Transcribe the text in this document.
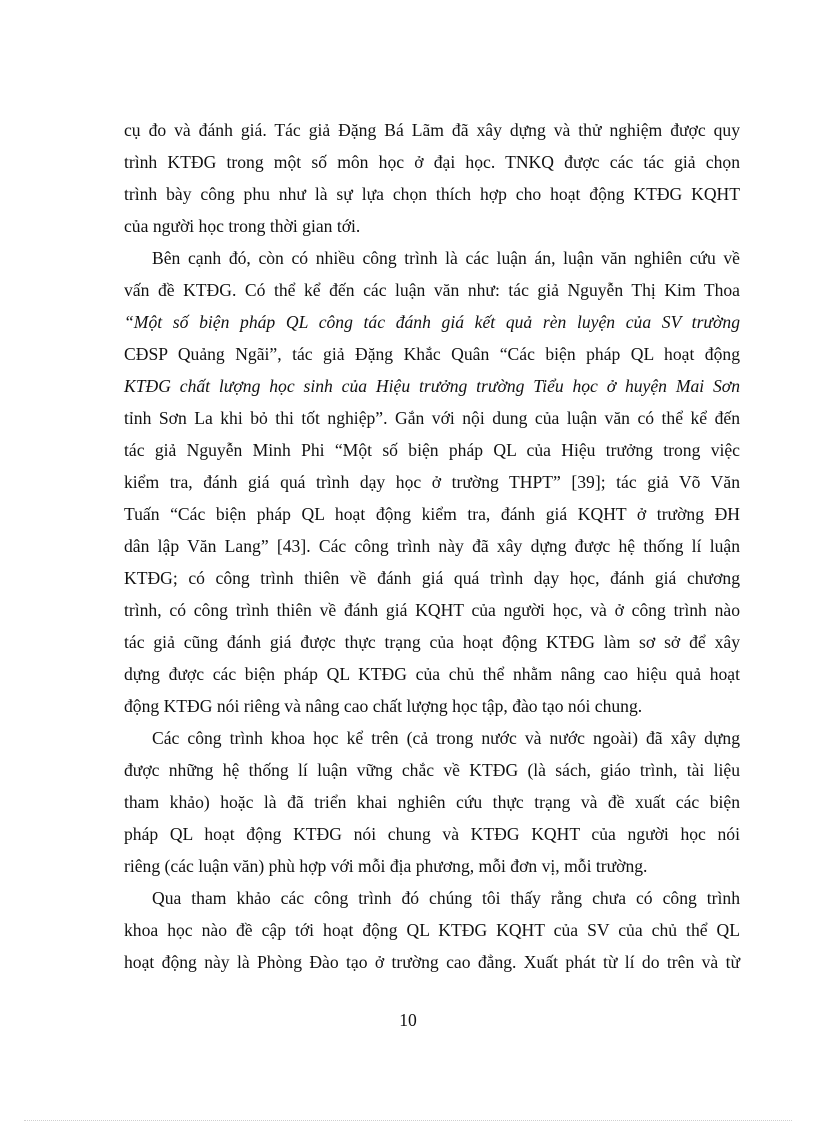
cụ đo và đánh giá. Tác giả Đặng Bá Lãm đã xây dựng và thử nghiệm được quy
trình KTĐG trong một số môn học ở đại học. TNKQ được các tác giả chọn
trình bày công phu như là sự lựa chọn thích hợp cho hoạt động KTĐG KQHT
của người học trong thời gian tới.
Bên cạnh đó, còn có nhiều công trình là các luận án, luận văn nghiên cứu về
vấn đề KTĐG. Có thể kể đến các luận văn như: tác giả Nguyễn Thị Kim Thoa
“Một số biện pháp QL công tác đánh giá kết quả rèn luyện của SV trường
CĐSP Quảng Ngãi”, tác giả Đặng Khắc Quân “Các biện pháp QL hoạt động
KTĐG chất lượng học sinh của Hiệu trưởng trường Tiểu học ở huyện Mai Sơn
tỉnh Sơn La khi bỏ thi tốt nghiệp”. Gắn với nội dung của luận văn có thể kể đến
tác giả Nguyễn Minh Phi “Một số biện pháp QL của Hiệu trưởng trong việc
kiểm tra, đánh giá quá trình dạy học ở trường THPT” [39]; tác giả Võ Văn
Tuấn “Các biện pháp QL hoạt động kiểm tra, đánh giá KQHT ở trường ĐH
dân lập Văn Lang” [43]. Các công trình này đã xây dựng được hệ thống lí luận
KTĐG; có công trình thiên về đánh giá quá trình dạy học, đánh giá chương
trình, có công trình thiên về đánh giá KQHT của người học, và ở công trình nào
tác giả cũng đánh giá được thực trạng của hoạt động KTĐG làm sơ sở để xây
dựng được các biện pháp QL KTĐG của chủ thể nhằm nâng cao hiệu quả hoạt
động KTĐG nói riêng và nâng cao chất lượng học tập, đào tạo nói chung.
Các công trình khoa học kể trên (cả trong nước và nước ngoài) đã xây dựng
được những hệ thống lí luận vững chắc về KTĐG (là sách, giáo trình, tài liệu
tham khảo) hoặc là đã triển khai nghiên cứu thực trạng và đề xuất các biện
pháp QL hoạt động KTĐG nói chung và KTĐG KQHT của người học nói
riêng (các luận văn) phù hợp với mỗi địa phương, mỗi đơn vị, mỗi trường.
Qua tham khảo các công trình đó chúng tôi thấy rằng chưa có công trình
khoa học nào đề cập tới hoạt động QL KTĐG KQHT của SV của chủ thể QL
hoạt động này là Phòng Đào tạo ở trường cao đẳng. Xuất phát từ lí do trên và từ
10
